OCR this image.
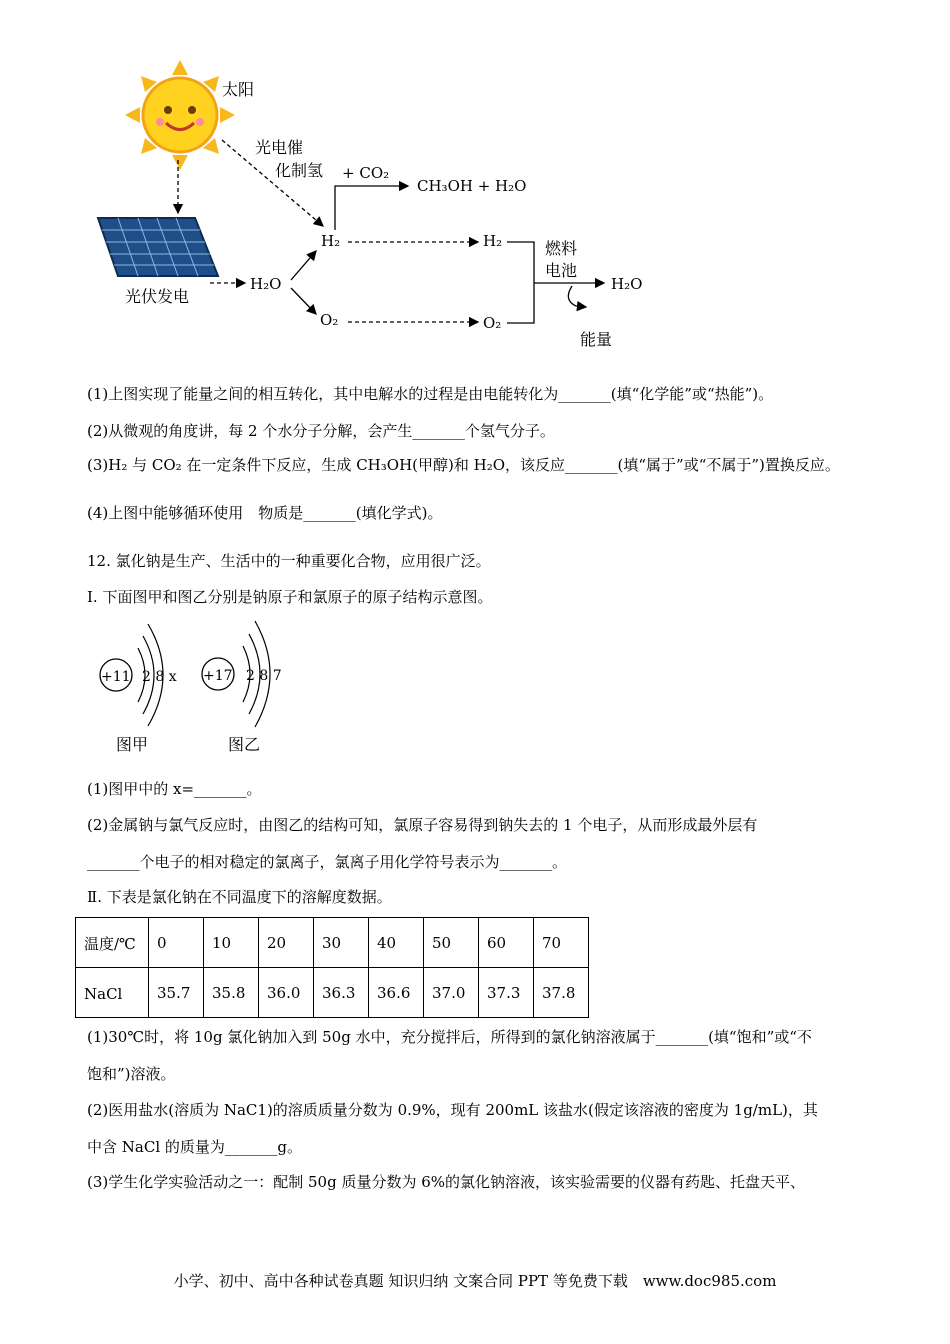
太阳
光伏发电
光电催
化制氢
H₂O
H₂
O₂
+ CO₂
CH₃OH + H₂O
H₂
O₂
燃料
电池
H₂O
能量
(1)上图实现了能量之间的相互转化，其中电解水的过程是由电能转化为_______(填“化学能”或“热能”)。
(2)从微观的角度讲，每 2 个水分子分解，会产生_______个氢气分子。
(3)H₂ 与 CO₂ 在一定条件下反应，生成 CH₃OH(甲醇)和 H₂O，该反应_______(填“属于”或“不属于”)置换反应。
(4)上图中能够循环使用　物质是_______(填化学式)。
12. 氯化钠是生产、生活中的一种重要化合物，应用很广泛。
Ⅰ. 下面图甲和图乙分别是钠原子和氯原子的原子结构示意图。
+11 2 8 x
图甲
+17 2 8 7
图乙
(1)图甲中的 x=_______。
(2)金属钠与氯气反应时，由图乙的结构可知，氯原子容易得到钠失去的 1 个电子，从而形成最外层有
_______个电子的相对稳定的氯离子，氯离子用化学符号表示为_______。
Ⅱ. 下表是氯化钠在不同温度下的溶解度数据。
温度/℃	0	10	20	30	40	50	60	70
NaCl	35.7	35.8	36.0	36.3	36.6	37.0	37.3	37.8
(1)30℃时，将 10g 氯化钠加入到 50g 水中，充分搅拌后，所得到的氯化钠溶液属于_______(填“饱和”或“不
饱和”)溶液。
(2)医用盐水(溶质为 NaC1)的溶质质量分数为 0.9%，现有 200mL 该盐水(假定该溶液的密度为 1g/mL)，其
中含 NaCl 的质量为_______g。
(3)学生化学实验活动之一：配制 50g 质量分数为 6%的氯化钠溶液，该实验需要的仪器有药匙、托盘天平、
小学、初中、高中各种试卷真题 知识归纳 文案合同 PPT 等免费下载　www.doc985.com
